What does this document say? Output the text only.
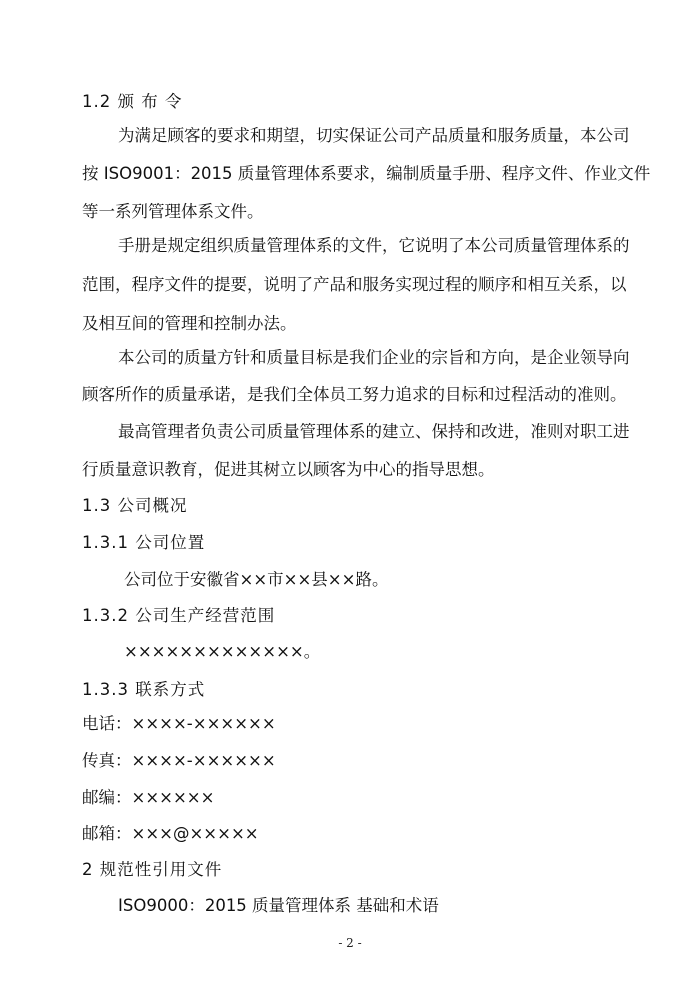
1.2 颁 布 令
为满足顾客的要求和期望，切实保证公司产品质量和服务质量，本公司
按 ISO9001：2015 质量管理体系要求，编制质量手册、程序文件、作业文件
等一系列管理体系文件。
手册是规定组织质量管理体系的文件，它说明了本公司质量管理体系的
范围，程序文件的提要，说明了产品和服务实现过程的顺序和相互关系，以
及相互间的管理和控制办法。
本公司的质量方针和质量目标是我们企业的宗旨和方向，是企业领导向
顾客所作的质量承诺，是我们全体员工努力追求的目标和过程活动的准则。
最高管理者负责公司质量管理体系的建立、保持和改进，准则对职工进
行质量意识教育，促进其树立以顾客为中心的指导思想。
1.3 公司概况
1.3.1 公司位置
公司位于安徽省××市××县××路。
1.3.2 公司生产经营范围
×××××××××××××。
1.3.3 联系方式
电话：××××-××××××
传真：××××-××××××
邮编：××××××
邮箱：×××@×××××
2 规范性引用文件
ISO9000：2015 质量管理体系 基础和术语
- 2 -
